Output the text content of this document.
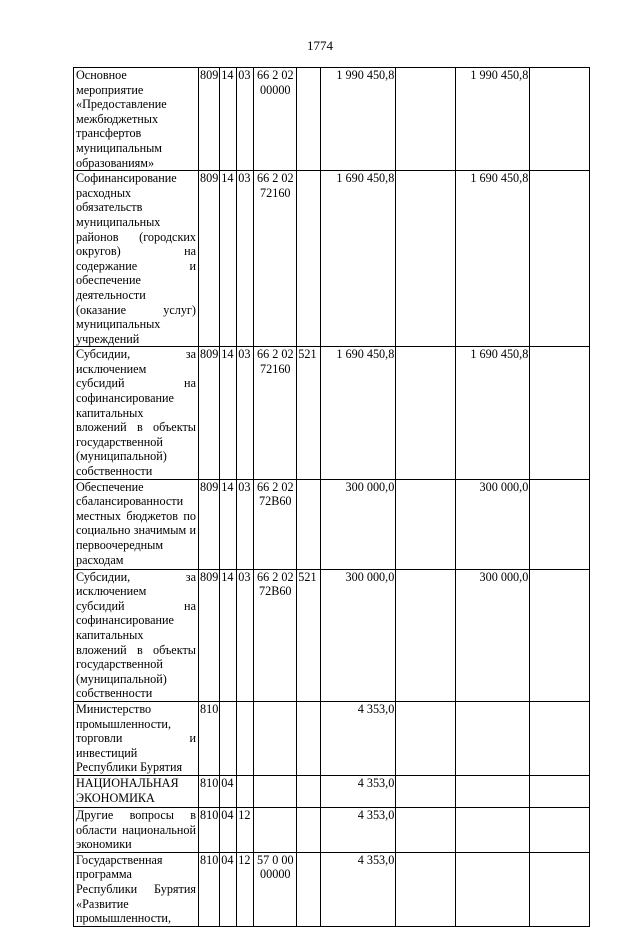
1774
Основное мероприятие «Предоставление межбюджетных трансфертов муниципальным образованиям»	809	14	03	66 2 02 00000		1 990 450,8		1 990 450,8	
Софинансирование расходных обязательств муниципальных районов (городских округов) на содержание и обеспечение деятельности (оказание услуг) муниципальных учреждений	809	14	03	66 2 02 72160		1 690 450,8		1 690 450,8	
Субсидии, за исключением субсидий на софинансирование капитальных вложений в объекты государственной (муниципальной) собственности	809	14	03	66 2 02 72160	521	1 690 450,8		1 690 450,8	
Обеспечение сбалансированности местных бюджетов по социально значимым и первоочередным расходам	809	14	03	66 2 02 72В60		300 000,0		300 000,0	
Субсидии, за исключением субсидий на софинансирование капитальных вложений в объекты государственной (муниципальной) собственности	809	14	03	66 2 02 72В60	521	300 000,0		300 000,0	
Министерство промышленности, торговли и инвестиций Республики Бурятия	810					4 353,0			
НАЦИОНАЛЬНАЯ ЭКОНОМИКА	810	04				4 353,0			
Другие вопросы в области национальной экономики	810	04	12			4 353,0			
Государственная программа Республики Бурятия «Развитие промышленности,	810	04	12	57 0 00 00000		4 353,0			
